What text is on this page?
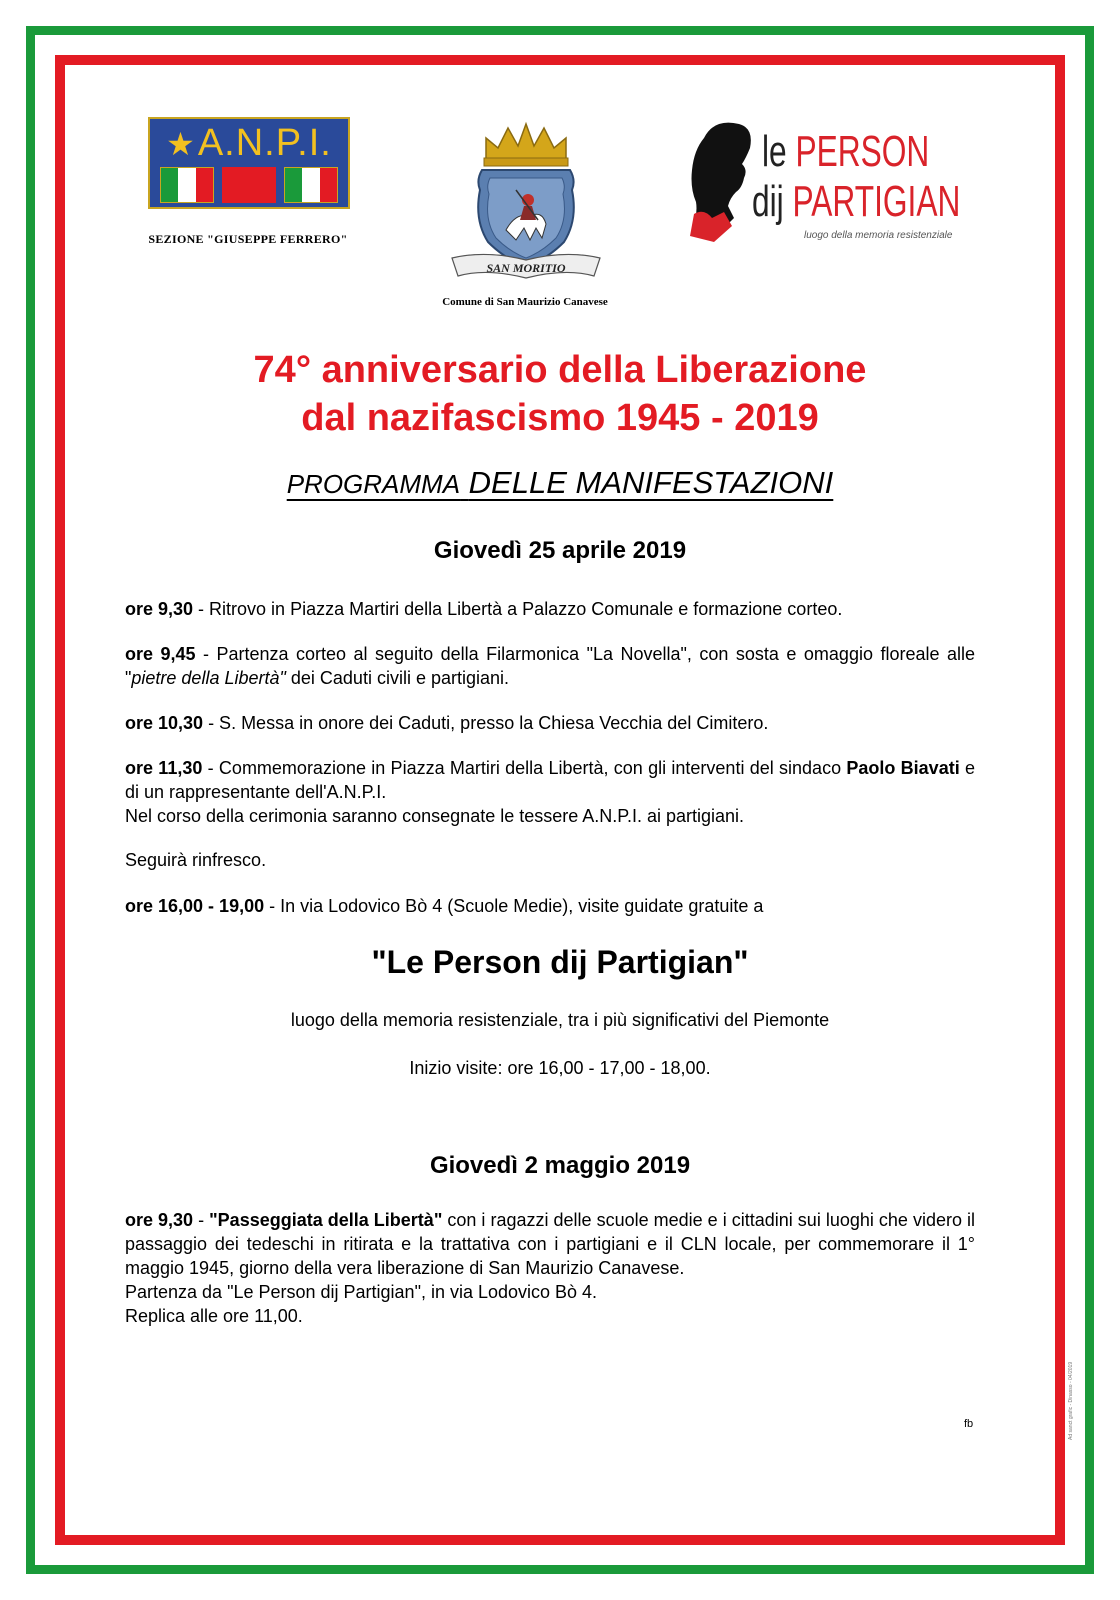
★A.N.P.I.
SEZIONE "GIUSEPPE FERRERO"
SAN MORITIO
Comune di San Maurizio Canavese
le PERSON
dij PARTIGIAN
luogo della memoria resistenziale
74° anniversario della Liberazione
dal nazifascismo 1945 - 2019
PROGRAMMA DELLE MANIFESTAZIONI
Giovedì 25 aprile 2019
ore 9,30 - Ritrovo in Piazza Martiri della Libertà a Palazzo Comunale e formazione corteo.
ore 9,45 - Partenza corteo al seguito della Filarmonica "La Novella", con sosta e omaggio floreale alle "pietre della Libertà" dei Caduti civili e partigiani.
ore 10,30 - S. Messa in onore dei Caduti, presso la Chiesa Vecchia del Cimitero.
ore 11,30 - Commemorazione in Piazza Martiri della Libertà, con gli interventi del sindaco Paolo Biavati e di un rappresentante dell'A.N.P.I.
Nel corso della cerimonia saranno consegnate le tessere A.N.P.I. ai partigiani.
Seguirà rinfresco.
ore 16,00 - 19,00 - In via Lodovico Bò 4 (Scuole Medie), visite guidate gratuite a
"Le Person dij Partigian"
luogo della memoria resistenziale, tra i più significativi del Piemonte
Inizio visite: ore 16,00 - 17,00 - 18,00.
Giovedì 2 maggio 2019
ore 9,30 - "Passeggiata della Libertà" con i ragazzi delle scuole medie e i cittadini sui luoghi che videro il passaggio dei tedeschi in ritirata e la trattativa con i partigiani e il CLN locale, per commemorare il 1° maggio 1945, giorno della vera liberazione di San Maurizio Canavese.
Partenza da "Le Person dij Partigian", in via Lodovico Bò 4.
Replica alle ore 11,00.
fb	Ad sanct grafic - Dinasso - 04/2019
